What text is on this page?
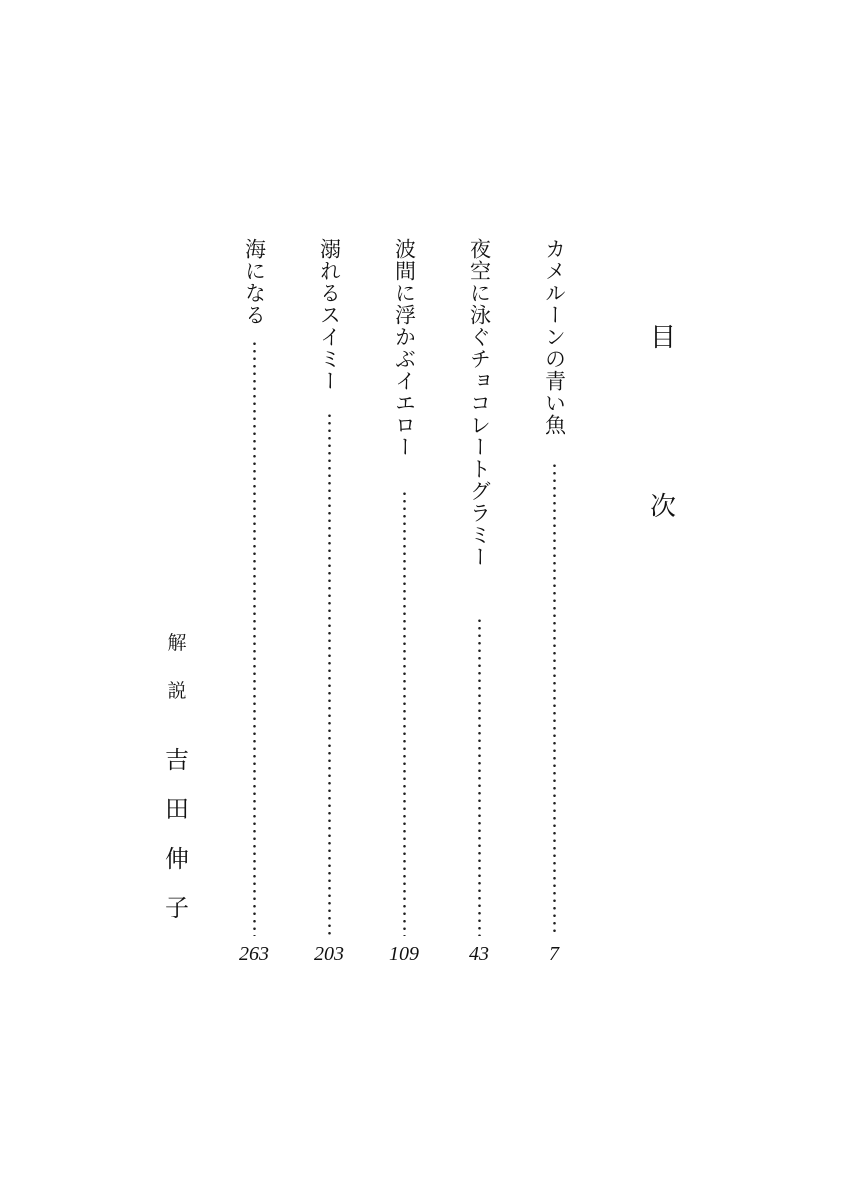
目
次
カメルーンの青い魚
7
夜空に泳ぐチョコレートグラミー
43
波間に浮かぶイエロー
109
溺れるスイミー
203
海になる
263
解
説
吉
田
伸
子
